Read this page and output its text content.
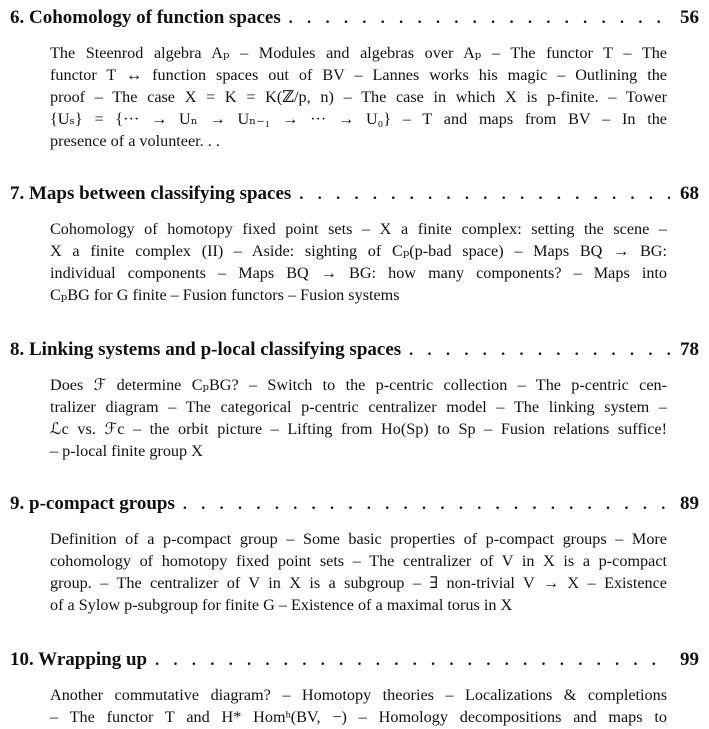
6. Cohomology of function spaces . . .	56
The Steenrod algebra Aₚ – Modules and algebras over Aₚ – The functor T – The
functor T ↔ function spaces out of BV – Lannes works his magic – Outlining the
proof – The case X = K = K(ℤ/p, n) – The case in which X is p-finite. – Tower
{Uₛ} = {··· → Uₙ → Uₙ₋₁ → ··· → U₀} – T and maps from BV – In the
presence of a volunteer. . .
7. Maps between classifying spaces . . .	68
Cohomology of homotopy fixed point sets – X a finite complex: setting the scene –
X a finite complex (II) – Aside: sighting of Cₚ(p-bad space) – Maps BQ → BG:
individual components – Maps BQ → BG: how many components? – Maps into
CₚBG for G finite – Fusion functors – Fusion systems
8. Linking systems and p-local classifying spaces . . .	78
Does ℱ determine CₚBG? – Switch to the p-centric collection – The p-centric cen-
tralizer diagram – The categorical p-centric centralizer model – The linking system –
ℒc vs. ℱc – the orbit picture – Lifting from Ho(Sp) to Sp – Fusion relations suffice!
– p-local finite group X
9. p-compact groups . . .	89
Definition of a p-compact group – Some basic properties of p-compact groups – More
cohomology of homotopy fixed point sets – The centralizer of V in X is a p-compact
group. – The centralizer of V in X is a subgroup – ∃ non-trivial V → X – Existence
of a Sylow p-subgroup for finite G – Existence of a maximal torus in X
10. Wrapping up . . .	99
Another commutative diagram? – Homotopy theories – Localizations & completions
– The functor T and H* Homʰ(BV, −) – Homology decompositions and maps to
